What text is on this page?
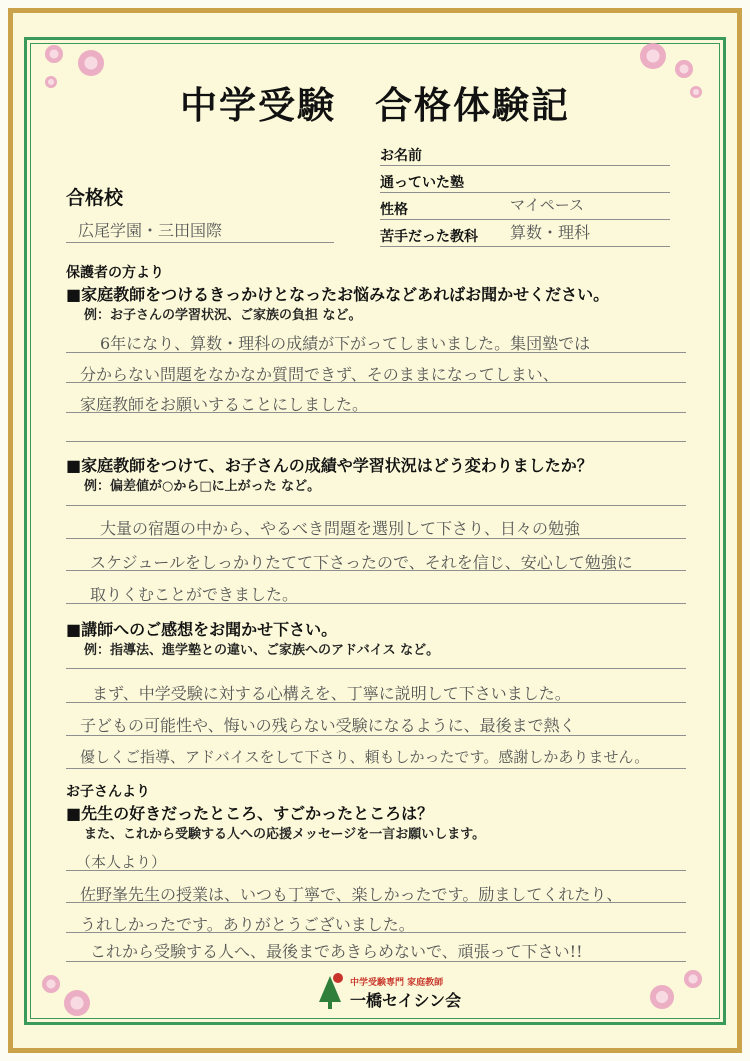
中学受験　合格体験記
お名前
通っていた塾
性格	マイペース
苦手だった教科 算数・理科
合格校
広尾学園・三田国際
保護者の方より
■家庭教師をつけるきっかけとなったお悩みなどあればお聞かせください。
例：お子さんの学習状況、ご家族の負担 など。
6年になり、算数・理科の成績が下がってしまいました。集団塾では
分からない問題をなかなか質問できず、そのままになってしまい、
家庭教師をお願いすることにしました。
■家庭教師をつけて、お子さんの成績や学習状況はどう変わりましたか？
例：偏差値が○から□に上がった など。
大量の宿題の中から、やるべき問題を選別して下さり、日々の勉強
スケジュールをしっかりたてて下さったので、それを信じ、安心して勉強に
取りくむことができました。
■講師へのご感想をお聞かせ下さい。
例：指導法、進学塾との違い、ご家族へのアドバイス など。
まず、中学受験に対する心構えを、丁寧に説明して下さいました。
子どもの可能性や、悔いの残らない受験になるように、最後まで熱く
優しくご指導、アドバイスをして下さり、頼もしかったです。感謝しかありません。
お子さんより
■先生の好きだったところ、すごかったところは？
また、これから受験する人への応援メッセージを一言お願いします。
（本人より）
佐野峯先生の授業は、いつも丁寧で、楽しかったです。励ましてくれたり、
うれしかったです。ありがとうございました。
これから受験する人へ、最後まであきらめないで、頑張って下さい!!
中学受験専門 家庭教師
一橋セイシン会
